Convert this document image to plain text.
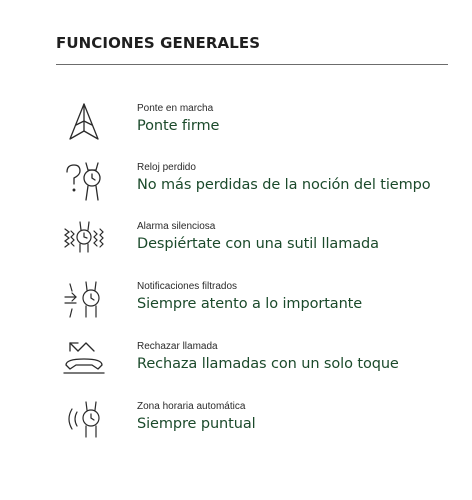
FUNCIONES GENERALES
Ponte en marcha
Ponte firme
Reloj perdido
No más perdidas de la noción del tiempo
Alarma silenciosa
Despiértate con una sutil llamada
Notificaciones filtrados
Siempre atento a lo importante
Rechazar llamada
Rechaza llamadas con un solo toque
Zona horaria automática
Siempre puntual
